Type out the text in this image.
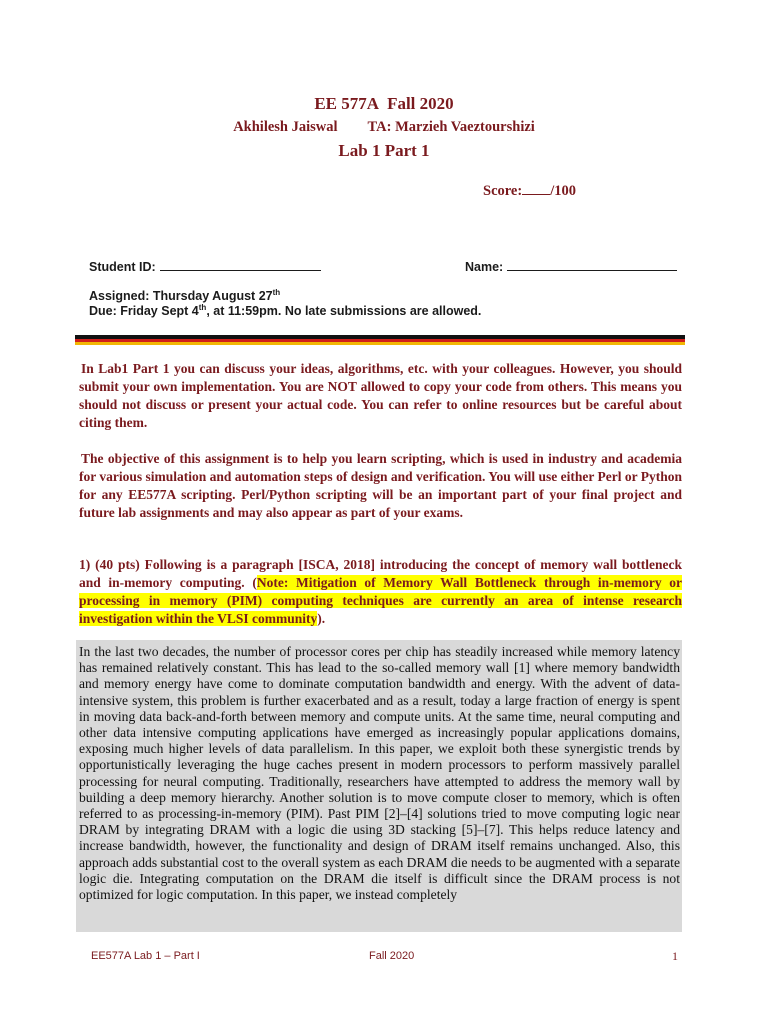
EE 577A Fall 2020
Akhilesh Jaiswal TA: Marzieh Vaeztourshizi
Lab 1 Part 1
Score: /100
Student ID:	Name:
Assigned: Thursday August 27th
Due: Friday Sept 4th, at 11:59pm. No late submissions are allowed.
In Lab1 Part 1 you can discuss your ideas, algorithms, etc. with your colleagues. However, you should submit your own implementation. You are NOT allowed to copy your code from others. This means you should not discuss or present your actual code. You can refer to online resources but be careful about citing them.
The objective of this assignment is to help you learn scripting, which is used in industry and academia for various simulation and automation steps of design and verification. You will use either Perl or Python for any EE577A scripting. Perl/Python scripting will be an important part of your final project and future lab assignments and may also appear as part of your exams.
1) (40 pts) Following is a paragraph [ISCA, 2018] introducing the concept of memory wall bottleneck and in-memory computing. (Note: Mitigation of Memory Wall Bottleneck through in-memory or processing in memory (PIM) computing techniques are currently an area of intense research investigation within the VLSI community).
In the last two decades, the number of processor cores per chip has steadily increased while memory latency has remained relatively constant. This has lead to the so-called memory wall [1] where memory bandwidth and memory energy have come to dominate computation bandwidth and energy. With the advent of data-intensive system, this problem is further exacerbated and as a result, today a large fraction of energy is spent in moving data back-and-forth between memory and compute units. At the same time, neural computing and other data intensive computing applications have emerged as increasingly popular applications domains, exposing much higher levels of data parallelism. In this paper, we exploit both these synergistic trends by opportunistically leveraging the huge caches present in modern processors to perform massively parallel processing for neural computing. Traditionally, researchers have attempted to address the memory wall by building a deep memory hierarchy. Another solution is to move compute closer to memory, which is often referred to as processing-in-memory (PIM). Past PIM [2]–[4] solutions tried to move computing logic near DRAM by integrating DRAM with a logic die using 3D stacking [5]–[7]. This helps reduce latency and increase bandwidth, however, the functionality and design of DRAM itself remains unchanged. Also, this approach adds substantial cost to the overall system as each DRAM die needs to be augmented with a separate logic die. Integrating computation on the DRAM die itself is difficult since the DRAM process is not optimized for logic computation. In this paper, we instead completely
EE577A Lab 1 – Part I	Fall 2020	1
